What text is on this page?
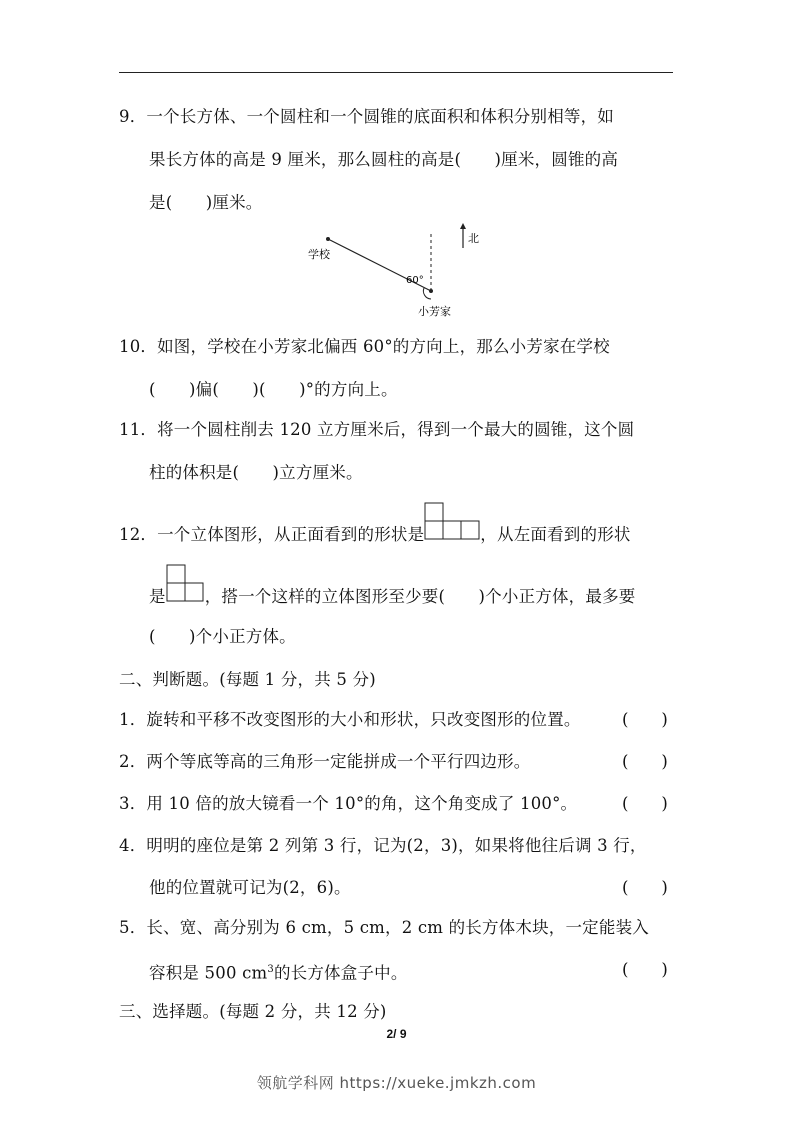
9．一个长方体、一个圆柱和一个圆锥的底面积和体积分别相等，如
果长方体的高是 9 厘米，那么圆柱的高是(　　)厘米，圆锥的高
是(　　)厘米。
学校
60°
小芳家
北
10．如图，学校在小芳家北偏西 60°的方向上，那么小芳家在学校
(　　)偏(　　)(　　)°的方向上。
11．将一个圆柱削去 120 立方厘米后，得到一个最大的圆锥，这个圆
柱的体积是(　　)立方厘米。
12．一个立体图形，从正面看到的形状是	，从左面看到的形状
是 ，搭一个这样的立体图形至少要(　　)个小正方体，最多要
(　　)个小正方体。
二、判断题。(每题 1 分，共 5 分)
1．旋转和平移不改变图形的大小和形状，只改变图形的位置。	(　　)
2．两个等底等高的三角形一定能拼成一个平行四边形。	(　　)
3．用 10 倍的放大镜看一个 10°的角，这个角变成了 100°。	(　　)
4．明明的座位是第 2 列第 3 行，记为(2，3)，如果将他往后调 3 行，
他的位置就可记为(2，6)。	(　　)
5．长、宽、高分别为 6 cm，5 cm，2 cm 的长方体木块，一定能装入
容积是 500 $cm^3$的长方体盒子中。	(　　)
三、选择题。(每题 2 分，共 12 分)
2/ 9
领航学科网 https://xueke.jmkzh.com
